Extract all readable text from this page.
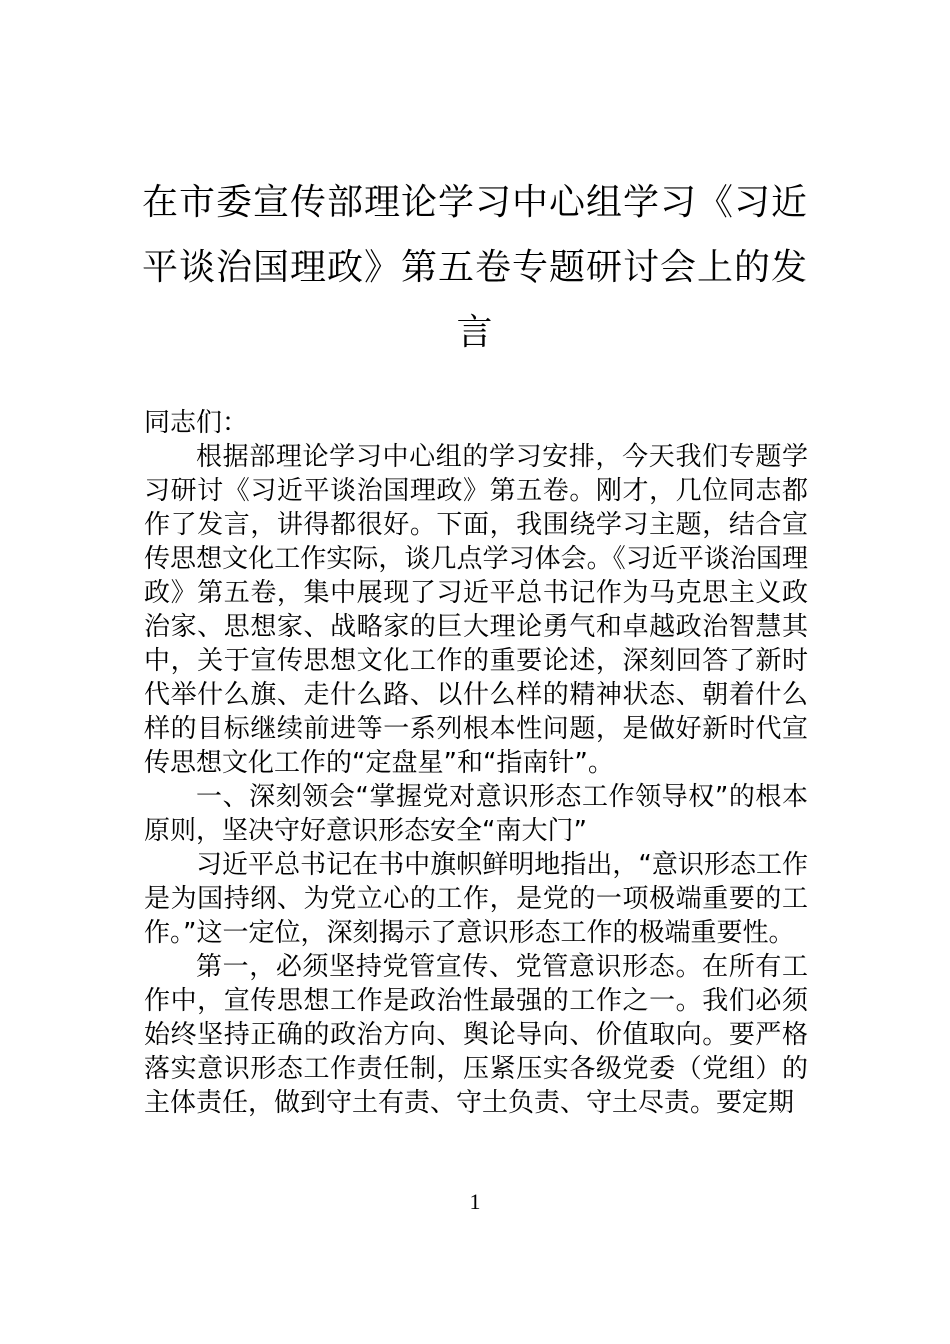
在市委宣传部理论学习中心组学习《习近平谈治国理政》第五卷专题研讨会上的发言

同志们：

根据部理论学习中心组的学习安排，今天我们专题学习研讨《习近平谈治国理政》第五卷。刚才，几位同志都作了发言，讲得都很好。下面，我围绕学习主题，结合宣传思想文化工作实际，谈几点学习体会。《习近平谈治国理政》第五卷，集中展现了习近平总书记作为马克思主义政治家、思想家、战略家的巨大理论勇气和卓越政治智慧其中，关于宣传思想文化工作的重要论述，深刻回答了新时代举什么旗、走什么路、以什么样的精神状态、朝着什么样的目标继续前进等一系列根本性问题，是做好新时代宣传思想文化工作的“定盘星”和“指南针”。

一、深刻领会“掌握党对意识形态工作领导权”的根本原则，坚决守好意识形态安全“南大门”

习近平总书记在书中旗帜鲜明地指出，“意识形态工作是为国持纲、为党立心的工作，是党的一项极端重要的工作。”这一定位，深刻揭示了意识形态工作的极端重要性。

第一，必须坚持党管宣传、党管意识形态。在所有工作中，宣传思想工作是政治性最强的工作之一。我们必须始终坚持正确的政治方向、舆论导向、价值取向。要严格落实意识形态工作责任制，压紧压实各级党委（党组）的主体责任，做到守土有责、守土负责、守土尽责。要定期

1
